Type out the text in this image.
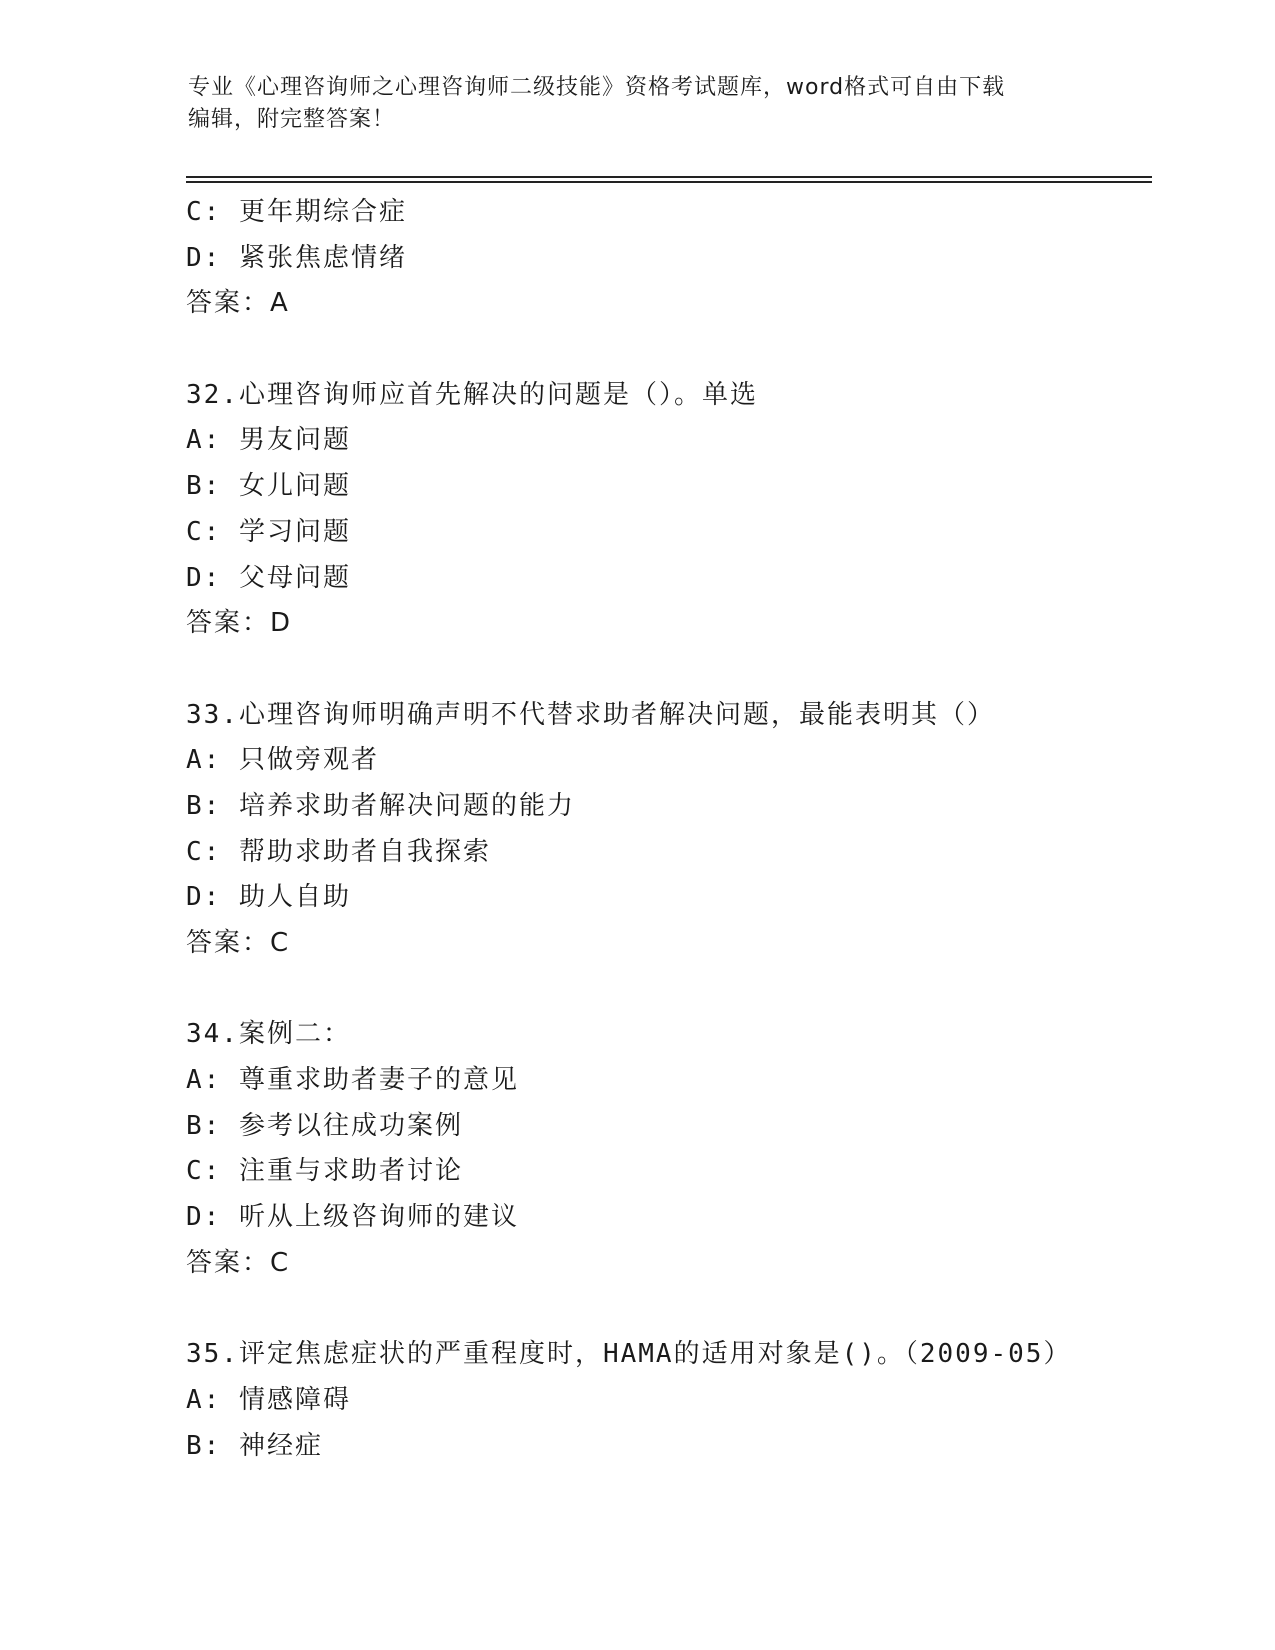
专业《心理咨询师之心理咨询师二级技能》资格考试题库，word格式可自由下载
编辑，附完整答案！
C: 更年期综合症
D: 紧张焦虑情绪
答案：A
32.心理咨询师应首先解决的问题是（）。单选
A: 男友问题
B: 女儿问题
C: 学习问题
D: 父母问题
答案：D
33.心理咨询师明确声明不代替求助者解决问题，最能表明其（）
A: 只做旁观者
B: 培养求助者解决问题的能力
C: 帮助求助者自我探索
D: 助人自助
答案：C
34.案例二：
A: 尊重求助者妻子的意见
B: 参考以往成功案例
C: 注重与求助者讨论
D: 听从上级咨询师的建议
答案：C
35.评定焦虑症状的严重程度时，HAMA的适用对象是()。（2009-05）
A: 情感障碍
B: 神经症
